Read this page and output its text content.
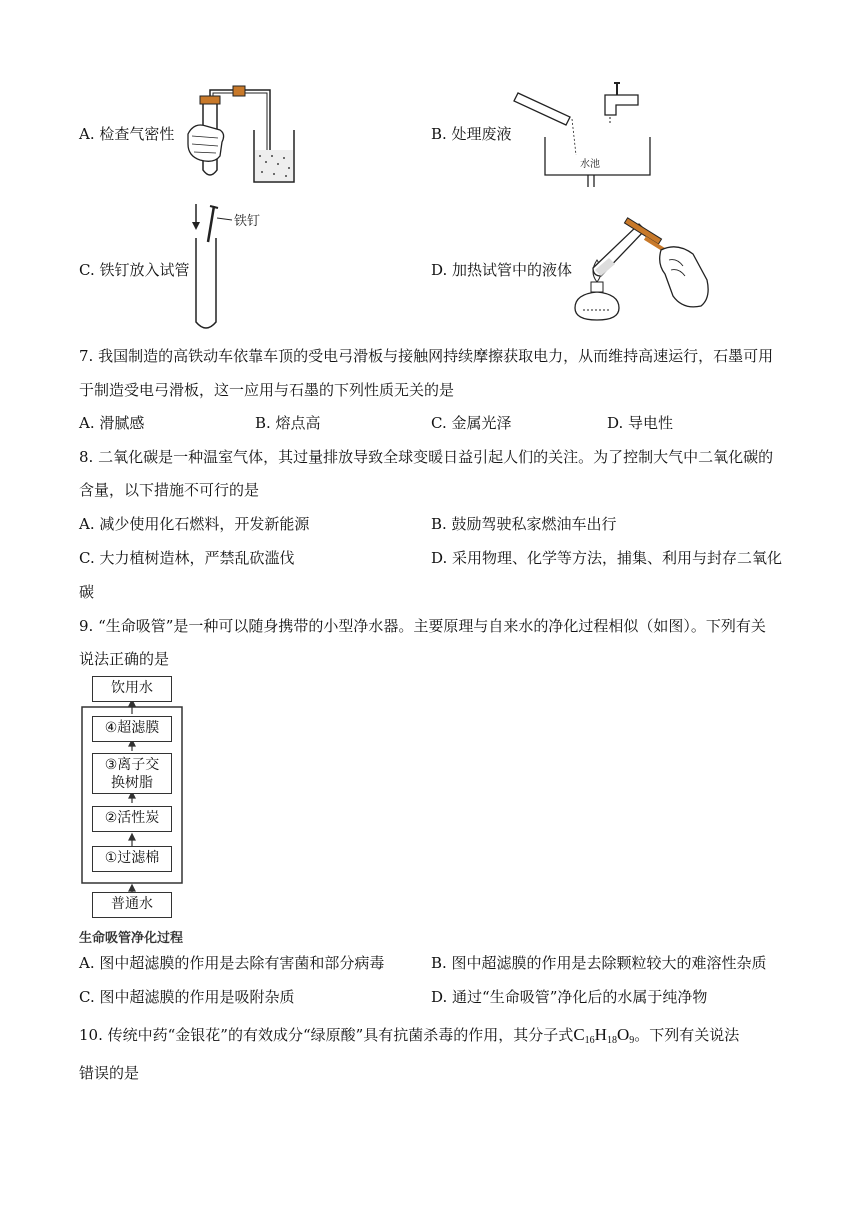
A. 检查气密性	B. 处理废液
水池
C. 铁钉放入试管
铁钉
D. 加热试管中的液体
7. 我国制造的高铁动车依靠车顶的受电弓滑板与接触网持续摩擦获取电力，从而维持高速运行，石墨可用
于制造受电弓滑板，这一应用与石墨的下列性质无关的是
A. 滑腻感	B. 熔点高	C. 金属光泽	D. 导电性
8. 二氧化碳是一种温室气体，其过量排放导致全球变暖日益引起人们的关注。为了控制大气中二氧化碳的
含量，以下措施不可行的是
A. 减少使用化石燃料，开发新能源	B. 鼓励驾驶私家燃油车出行
C. 大力植树造林，严禁乱砍滥伐	D. 采用物理、化学等方法，捕集、利用与封存二氧化
碳
9. “生命吸管”是一种可以随身携带的小型净水器。主要原理与自来水的净化过程相似（如图）。下列有关
说法正确的是
饮用水
④超滤膜
③离子交
换树脂
②活性炭
①过滤棉
普通水
生命吸管净化过程
A. 图中超滤膜的作用是去除有害菌和部分病毒	B. 图中超滤膜的作用是去除颗粒较大的难溶性杂质
C. 图中超滤膜的作用是吸附杂质	D. 通过“生命吸管”净化后的水属于纯净物
10. 传统中药“金银花”的有效成分“绿原酸”具有抗菌杀毒的作用，其分子式$C_{16}H_{18}O_9$。下列有关说法
错误的是
